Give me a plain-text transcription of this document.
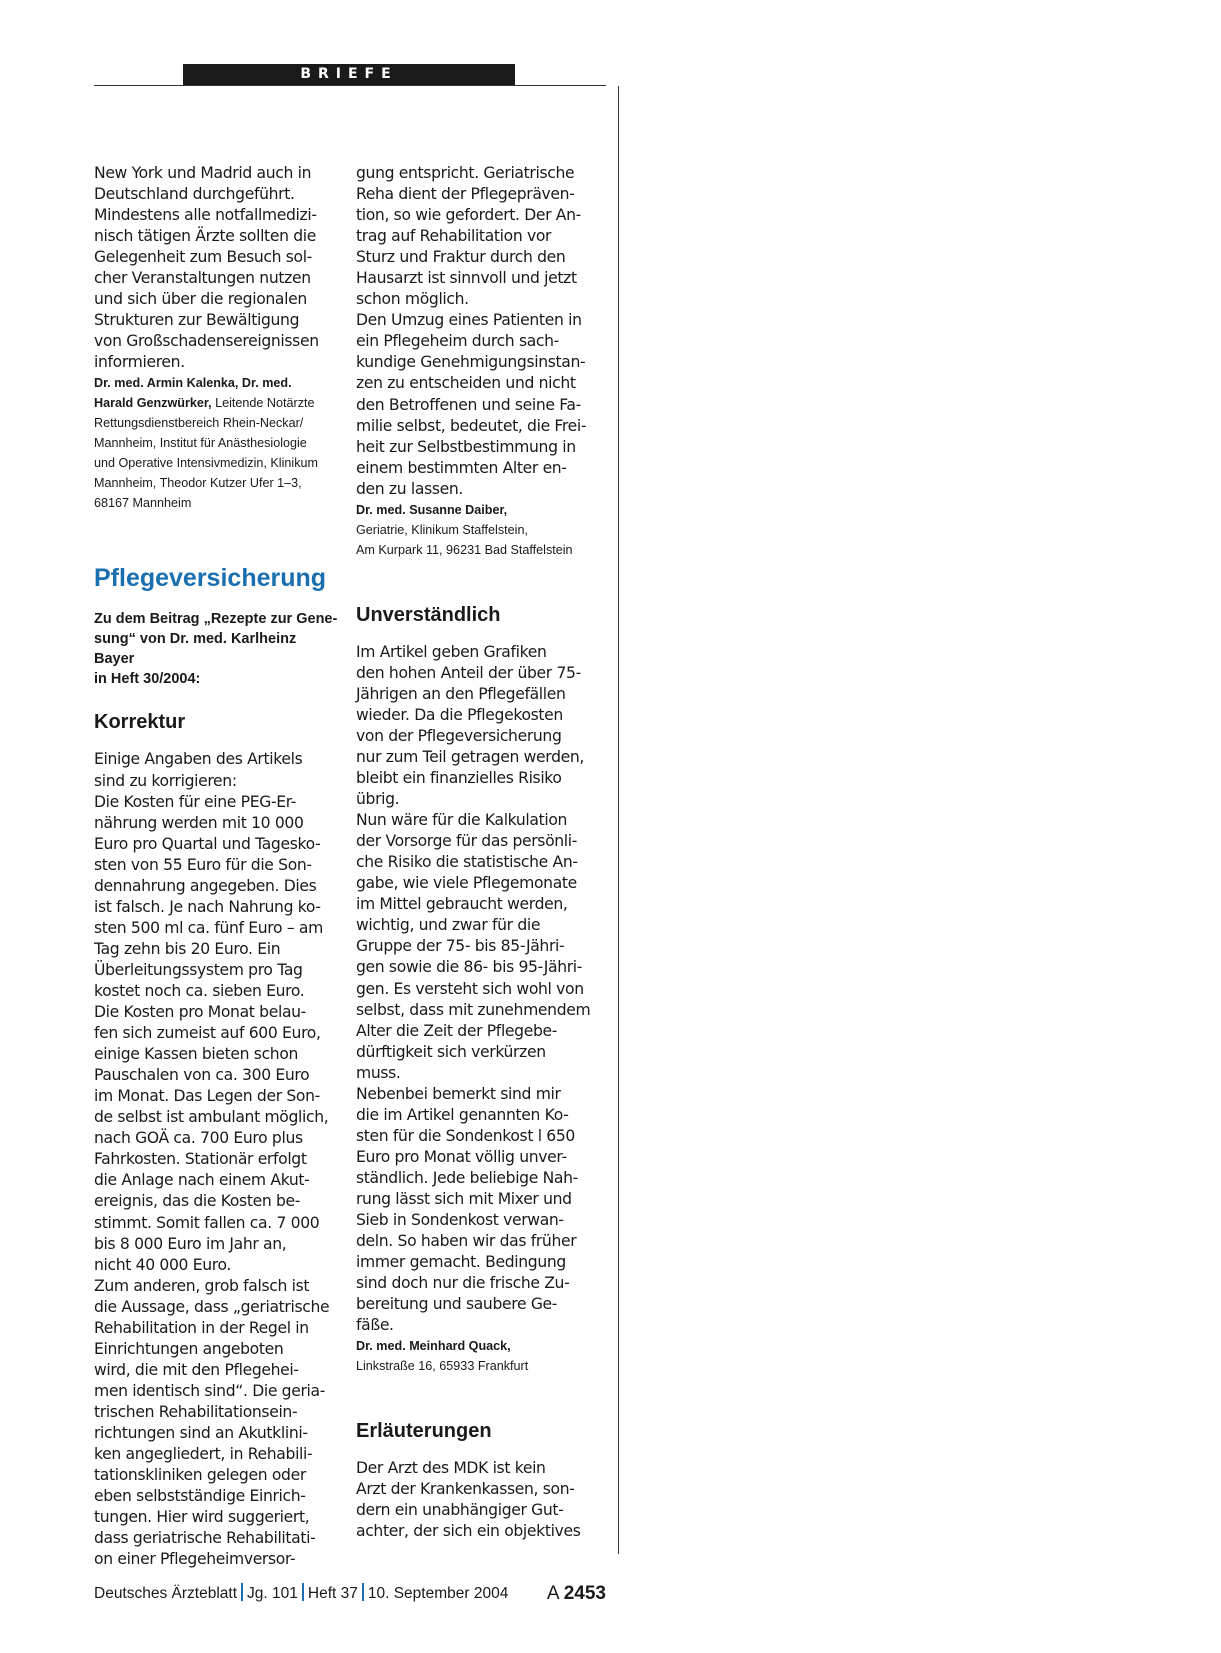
BRIEFE

New York und Madrid auch in
Deutschland durchgeführt.
Mindestens alle notfallmedizi-
nisch tätigen Ärzte sollten die
Gelegenheit zum Besuch sol-
cher Veranstaltungen nutzen
und sich über die regionalen
Strukturen zur Bewältigung
von Großschadensereignissen
informieren.

Dr. med. Armin Kalenka, Dr. med.
Harald Genzwürker, Leitende Notärzte
Rettungsdienstbereich Rhein-Neckar/
Mannheim, Institut für Anästhesiologie
und Operative Intensivmedizin, Klinikum
Mannheim, Theodor Kutzer Ufer 1–3,
68167 Mannheim

Pflegeversicherung

Zu dem Beitrag „Rezepte zur Gene-
sung“ von Dr. med. Karlheinz Bayer
in Heft 30/2004:

Korrektur

Einige Angaben des Artikels
sind zu korrigieren:
Die Kosten für eine PEG-Er-
nährung werden mit 10 000
Euro pro Quartal und Tagesko-
sten von 55 Euro für die Son-
dennahrung angegeben. Dies
ist falsch. Je nach Nahrung ko-
sten 500 ml ca. fünf Euro – am
Tag zehn bis 20 Euro. Ein
Überleitungssystem pro Tag
kostet noch ca. sieben Euro.
Die Kosten pro Monat belau-
fen sich zumeist auf 600 Euro,
einige Kassen bieten schon
Pauschalen von ca. 300 Euro
im Monat. Das Legen der Son-
de selbst ist ambulant möglich,
nach GOÄ ca. 700 Euro plus
Fahrkosten. Stationär erfolgt
die Anlage nach einem Akut-
ereignis, das die Kosten be-
stimmt. Somit fallen ca. 7 000
bis 8 000 Euro im Jahr an,
nicht 40 000 Euro.
Zum anderen, grob falsch ist
die Aussage, dass „geriatrische
Rehabilitation in der Regel in
Einrichtungen angeboten
wird, die mit den Pflegehei-
men identisch sind“. Die geria-
trischen Rehabilitationsein-
richtungen sind an Akutklini-
ken angegliedert, in Rehabili-
tationskliniken gelegen oder
eben selbstständige Einrich-
tungen. Hier wird suggeriert,
dass geriatrische Rehabilitati-
on einer Pflegeheimversor-

gung entspricht. Geriatrische
Reha dient der Pflegepräven-
tion, so wie gefordert. Der An-
trag auf Rehabilitation vor
Sturz und Fraktur durch den
Hausarzt ist sinnvoll und jetzt
schon möglich.
Den Umzug eines Patienten in
ein Pflegeheim durch sach-
kundige Genehmigungsinstan-
zen zu entscheiden und nicht
den Betroffenen und seine Fa-
milie selbst, bedeutet, die Frei-
heit zur Selbstbestimmung in
einem bestimmten Alter en-
den zu lassen.

Dr. med. Susanne Daiber,
Geriatrie, Klinikum Staffelstein,
Am Kurpark 11, 96231 Bad Staffelstein

Unverständlich

Im Artikel geben Grafiken
den hohen Anteil der über 75-
Jährigen an den Pflegefällen
wieder. Da die Pflegekosten
von der Pflegeversicherung
nur zum Teil getragen werden,
bleibt ein finanzielles Risiko
übrig.
Nun wäre für die Kalkulation
der Vorsorge für das persönli-
che Risiko die statistische An-
gabe, wie viele Pflegemonate
im Mittel gebraucht werden,
wichtig, und zwar für die
Gruppe der 75- bis 85-Jähri-
gen sowie die 86- bis 95-Jähri-
gen. Es versteht sich wohl von
selbst, dass mit zunehmendem
Alter die Zeit der Pflegebe-
dürftigkeit sich verkürzen
muss.
Nebenbei bemerkt sind mir
die im Artikel genannten Ko-
sten für die Sondenkost l 650
Euro pro Monat völlig unver-
ständlich. Jede beliebige Nah-
rung lässt sich mit Mixer und
Sieb in Sondenkost verwan-
deln. So haben wir das früher
immer gemacht. Bedingung
sind doch nur die frische Zu-
bereitung und saubere Ge-
fäße.

Dr. med. Meinhard Quack,
Linkstraße 16, 65933 Frankfurt

Erläuterungen

Der Arzt des MDK ist kein
Arzt der Krankenkassen, son-
dern ein unabhängiger Gut-
achter, der sich ein objektives

Deutsches Ärzteblatt Jg. 101 Heft 37 10. September 2004 A 2453
